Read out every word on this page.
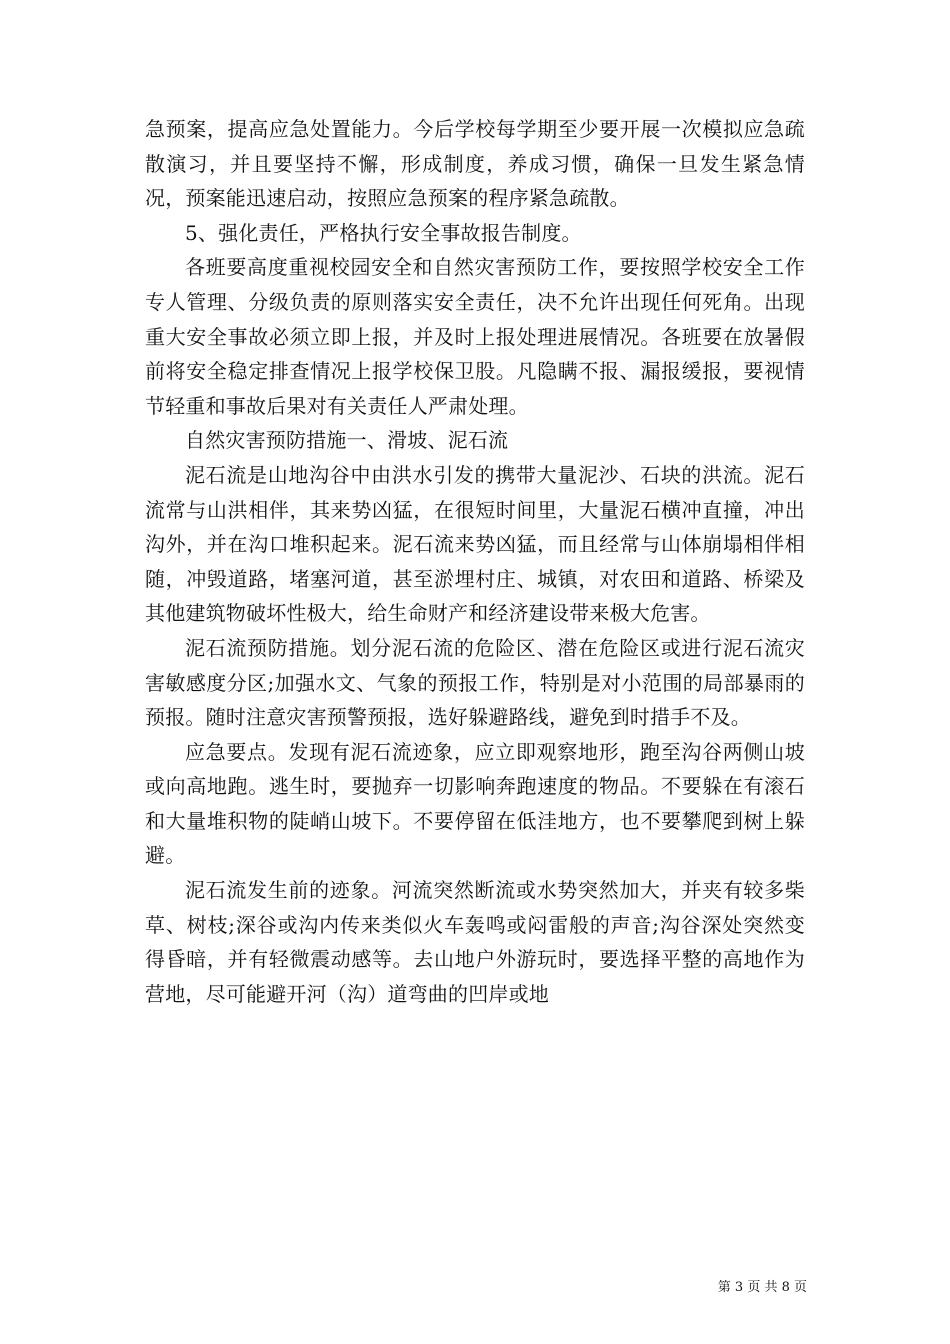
急预案，提高应急处置能力。今后学校每学期至少要开展一次模拟应急疏散演习，并且要坚持不懈，形成制度，养成习惯，确保一旦发生紧急情况，预案能迅速启动，按照应急预案的程序紧急疏散。

5、强化责任，严格执行安全事故报告制度。

各班要高度重视校园安全和自然灾害预防工作，要按照学校安全工作专人管理、分级负责的原则落实安全责任，决不允许出现任何死角。出现重大安全事故必须立即上报，并及时上报处理进展情况。各班要在放暑假前将安全稳定排查情况上报学校保卫股。凡隐瞒不报、漏报缓报，要视情节轻重和事故后果对有关责任人严肃处理。

自然灾害预防措施一、滑坡、泥石流

泥石流是山地沟谷中由洪水引发的携带大量泥沙、石块的洪流。泥石流常与山洪相伴，其来势凶猛，在很短时间里，大量泥石横冲直撞，冲出沟外，并在沟口堆积起来。泥石流来势凶猛，而且经常与山体崩塌相伴相随，冲毁道路，堵塞河道，甚至淤埋村庄、城镇，对农田和道路、桥梁及其他建筑物破坏性极大，给生命财产和经济建设带来极大危害。

泥石流预防措施。划分泥石流的危险区、潜在危险区或进行泥石流灾害敏感度分区;加强水文、气象的预报工作，特别是对小范围的局部暴雨的预报。随时注意灾害预警预报，选好躲避路线，避免到时措手不及。

应急要点。发现有泥石流迹象，应立即观察地形，跑至沟谷两侧山坡或向高地跑。逃生时，要抛弃一切影响奔跑速度的物品。不要躲在有滚石和大量堆积物的陡峭山坡下。不要停留在低洼地方，也不要攀爬到树上躲避。

泥石流发生前的迹象。河流突然断流或水势突然加大，并夹有较多柴草、树枝;深谷或沟内传来类似火车轰鸣或闷雷般的声音;沟谷深处突然变得昏暗，并有轻微震动感等。去山地户外游玩时，要选择平整的高地作为营地，尽可能避开河（沟）道弯曲的凹岸或地

第 3 页 共 8 页
